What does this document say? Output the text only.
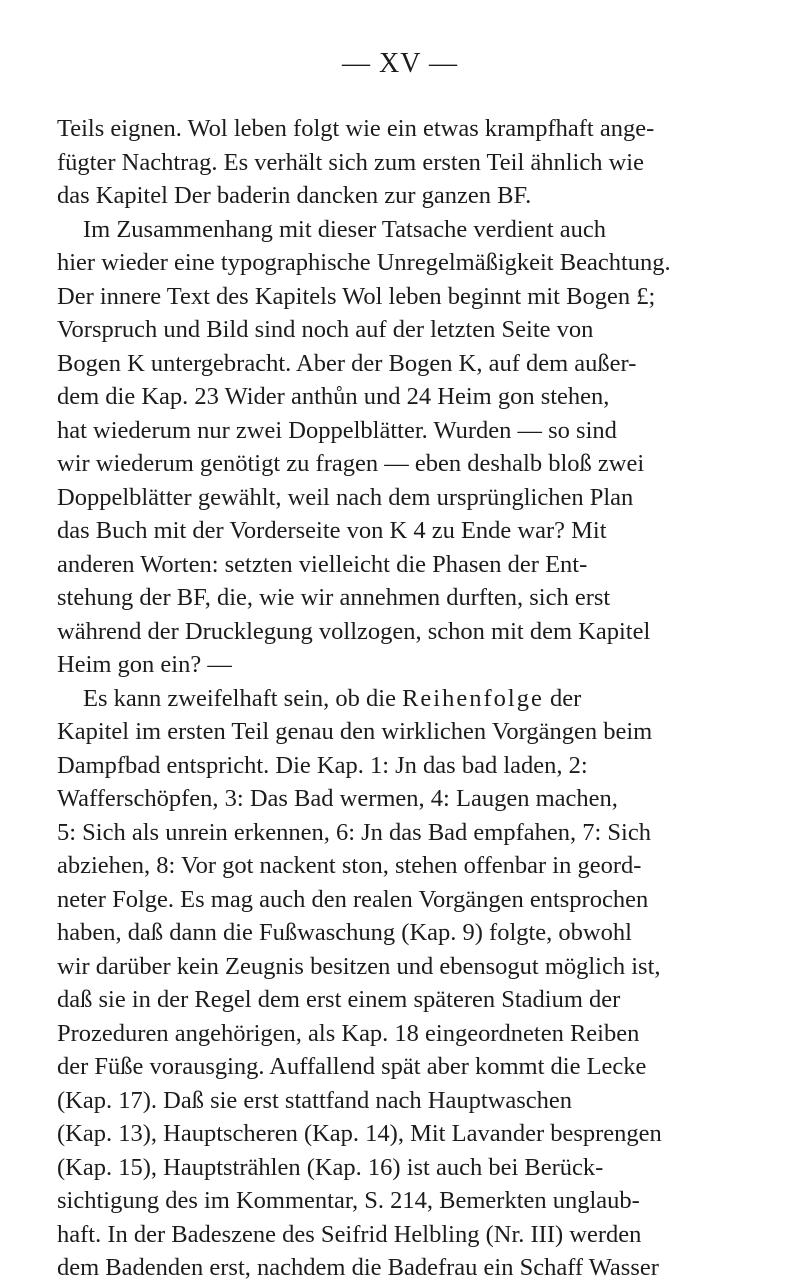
— XV —
Teils eignen. Wol leben folgt wie ein etwas krampfhaft ange-
fügter Nachtrag. Es verhält sich zum ersten Teil ähnlich wie
das Kapitel Der baderin dancken zur ganzen BF.
Im Zusammenhang mit dieser Tatsache verdient auch
hier wieder eine typographische Unregelmäßigkeit Beachtung.
Der innere Text des Kapitels Wol leben beginnt mit Bogen £;
Vorspruch und Bild sind noch auf der letzten Seite von
Bogen K untergebracht. Aber der Bogen K, auf dem außer-
dem die Kap. 23 Wider anthůn und 24 Heim gon stehen,
hat wiederum nur zwei Doppelblätter. Wurden — so sind
wir wiederum genötigt zu fragen — eben deshalb bloß zwei
Doppelblätter gewählt, weil nach dem ursprünglichen Plan
das Buch mit der Vorderseite von K 4 zu Ende war? Mit
anderen Worten: setzten vielleicht die Phasen der Ent-
stehung der BF, die, wie wir annehmen durften, sich erst
während der Drucklegung vollzogen, schon mit dem Kapitel
Heim gon ein? —
Es kann zweifelhaft sein, ob die Reihenfolge der
Kapitel im ersten Teil genau den wirklichen Vorgängen beim
Dampfbad entspricht. Die Kap. 1: Jn das bad laden, 2:
Wafferschöpfen, 3: Das Bad wermen, 4: Laugen machen,
5: Sich als unrein erkennen, 6: Jn das Bad empfahen, 7: Sich
abziehen, 8: Vor got nackent ston, stehen offenbar in geord-
neter Folge. Es mag auch den realen Vorgängen entsprochen
haben, daß dann die Fußwaschung (Kap. 9) folgte, obwohl
wir darüber kein Zeugnis besitzen und ebensogut möglich ist,
daß sie in der Regel dem erst einem späteren Stadium der
Prozeduren angehörigen, als Kap. 18 eingeordneten Reiben
der Füße vorausging. Auffallend spät aber kommt die Lecke
(Kap. 17). Daß sie erst stattfand nach Hauptwaschen
(Kap. 13), Hauptscheren (Kap. 14), Mit Lavander besprengen
(Kap. 15), Hauptstrählen (Kap. 16) ist auch bei Berück-
sichtigung des im Kommentar, S. 214, Bemerkten unglaub-
haft. In der Badeszene des Seifrid Helbling (Nr. III) werden
dem Badenden erst, nachdem die Badefrau ein Schaff Wasser
